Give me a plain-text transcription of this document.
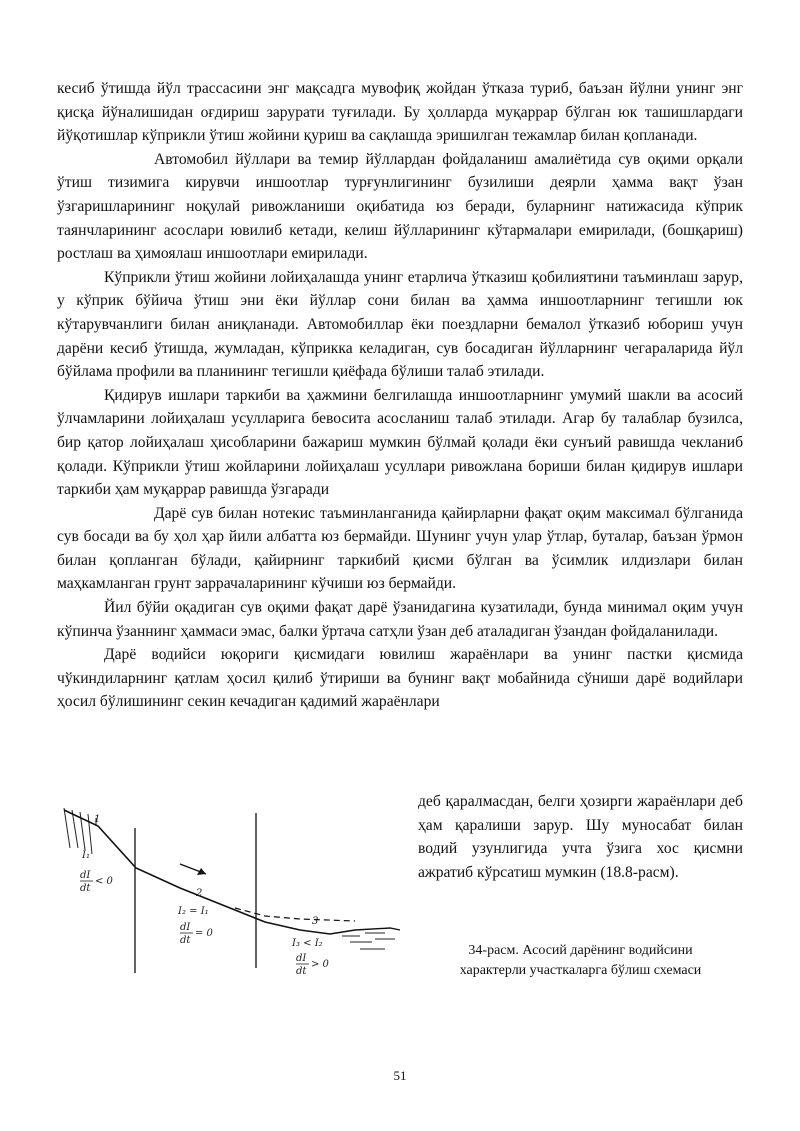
кесиб ўтишда йўл трассасини энг мақсадга мувофиқ жойдан ўтказа туриб, баъзан йўлни унинг энг қисқа йўналишидан оғдириш зарурати туғилади. Бу ҳолларда муқаррар бўлган юк ташишлардаги йўқотишлар кўприкли ўтиш жойини қуриш ва сақлашда эришилган тежамлар билан қопланади.

Автомобил йўллари ва темир йўллардан фойдаланиш амалиётида сув оқими орқали ўтиш тизимига кирувчи иншоотлар турғунлигининг бузилиши деярли ҳамма вақт ўзан ўзгаришларининг ноқулай ривожланиши оқибатида юз беради, буларнинг натижасида кўприк таянчларининг асослари ювилиб кетади, келиш йўлларининг кўтармалари емирилади, (бошқариш) ростлаш ва ҳимоялаш иншоотлари емирилади.

Кўприкли ўтиш жойини лойиҳалашда унинг етарлича ўтказиш қобилиятини таъминлаш зарур, у кўприк бўйича ўтиш эни ёки йўллар сони билан ва ҳамма иншоотларнинг тегишли юк кўтарувчанлиги билан аниқланади. Автомобиллар ёки поездларни бемалол ўтказиб юбориш учун дарёни кесиб ўтишда, жумладан, кўприкка келадиган, сув босадиган йўлларнинг чегараларида йўл бўйлама профили ва планининг тегишли қиёфада бўлиши талаб этилади.

Қидирув ишлари таркиби ва ҳажмини белгилашда иншоотларнинг умумий шакли ва асосий ўлчамларини лойиҳалаш усулларига бевосита асосланиш талаб этилади. Агар бу талаблар бузилса, бир қатор лойиҳалаш ҳисобларини бажариш мумкин бўлмай қолади ёки сунъий равишда чекланиб қолади. Кўприкли ўтиш жойларини лойиҳалаш усуллари ривожлана бориши билан қидирув ишлари таркиби ҳам муқаррар равишда ўзгаради

Дарё сув билан нотекис таъминланганида қайирларни фақат оқим максимал бўлганида сув босади ва бу ҳол ҳар йили албатта юз бермайди. Шунинг учун улар ўтлар, буталар, баъзан ўрмон билан қопланган бўлади, қайирнинг таркибий қисми бўлган ва ўсимлик илдизлари билан маҳкамланган грунт заррачаларининг кўчиши юз бермайди.

Йил бўйи оқадиган сув оқими фақат дарё ўзанидагина кузатилади, бунда минимал оқим учун кўпинча ўзаннинг ҳаммаси эмас, балки ўртача сатҳли ўзан деб аталадиган ўзандан фойдаланилади.

Дарё водийси юқориги қисмидаги ювилиш жараёнлари ва унинг пастки қисмида чўкиндиларнинг қатлам ҳосил қилиб ўтириши ва бунинг вақт мобайнида сўниши дарё водийлари ҳосил бўлишининг секин кечадиган қадимий жараёнлари

деб қаралмасдан, белги ҳозирги жараёнлари деб ҳам қаралиши зарур. Шу муносабат билан водий узунлигида учта ўзига хос қисмни ажратиб кўрсатиш мумкин (18.8-расм).

1
2
3
I₁
dI
dt
< 0
I₂ = I₁
dI
dt
= 0
I₃ < I₂
dI
dt
> 0

34-расм. Асосий дарёнинг водийсини

характерли участкаларга бўлиш схемаси

51
